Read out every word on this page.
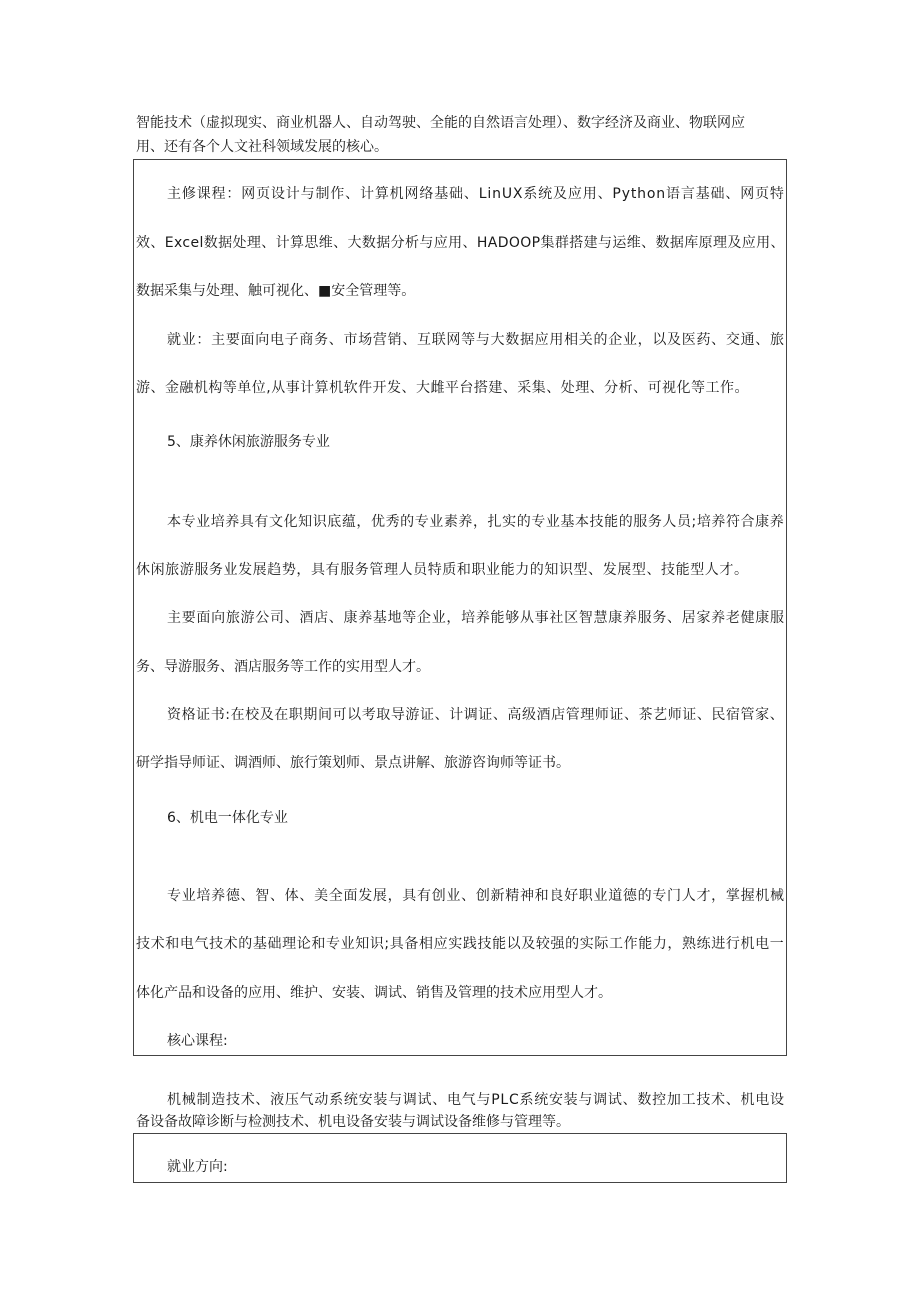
智能技术（虚拟现实、商业机器人、自动驾驶、全能的自然语言处理）、数字经济及商业、物联网应
用、还有各个人文社科领域发展的核心。
主修课程：网页设计与制作、计算机网络基础、LinUX系统及应用、Python语言基础、网页特
效、Excel数据处理、计算思维、大数据分析与应用、HADOOP集群搭建与运维、数据库原理及应用、
数据采集与处理、触可视化、■安全管理等。
就业：主要面向电子商务、市场营销、互联网等与大数据应用相关的企业，以及医药、交通、旅
游、金融机构等单位,从事计算机软件开发、大雌平台搭建、采集、处理、分析、可视化等工作。
5、康养休闲旅游服务专业
本专业培养具有文化知识底蕴，优秀的专业素养，扎实的专业基本技能的服务人员;培养符合康养
休闲旅游服务业发展趋势，具有服务管理人员特质和职业能力的知识型、发展型、技能型人才。
主要面向旅游公司、酒店、康养基地等企业，培养能够从事社区智慧康养服务、居家养老健康服
务、导游服务、酒店服务等工作的实用型人才。
资格证书:在校及在职期间可以考取导游证、计调证、高级酒店管理师证、茶艺师证、民宿管家、
研学指导师证、调酒师、旅行策划师、景点讲解、旅游咨询师等证书。
6、机电一体化专业
专业培养德、智、体、美全面发展，具有创业、创新精神和良好职业道德的专门人才，掌握机械
技术和电气技术的基础理论和专业知识;具备相应实践技能以及较强的实际工作能力，熟练进行机电一
体化产品和设备的应用、维护、安装、调试、销售及管理的技术应用型人才。
核心课程:
机械制造技术、液压气动系统安装与调试、电气与PLC系统安装与调试、数控加工技术、机电设
备设备故障诊断与检测技术、机电设备安装与调试设备维修与管理等。
就业方向:
